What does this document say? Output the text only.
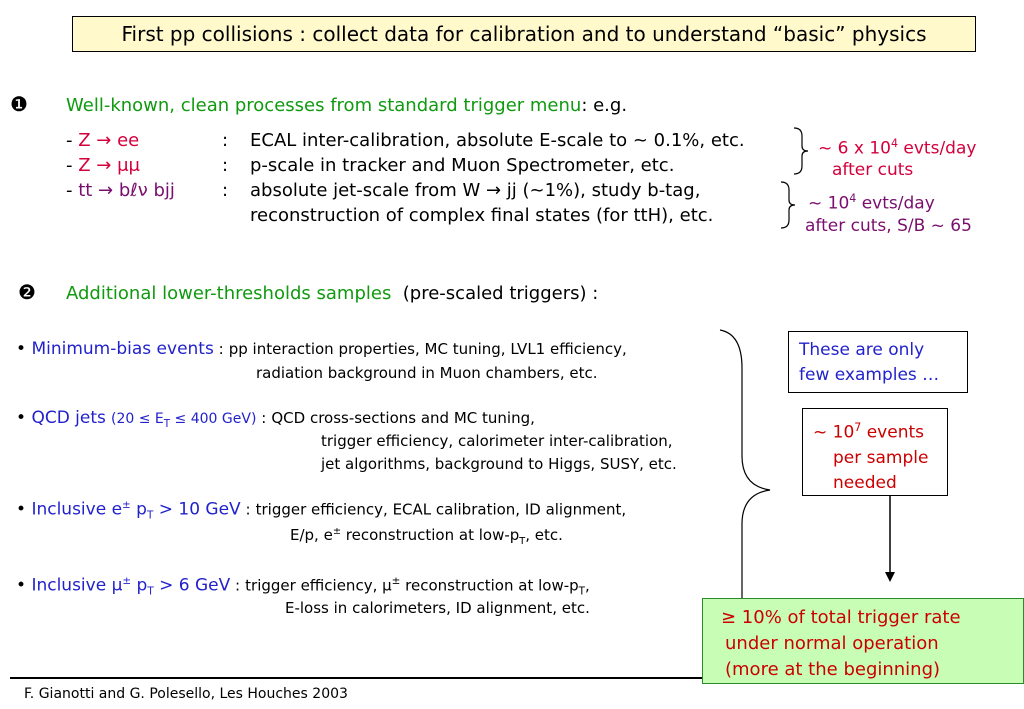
First pp collisions : collect data for calibration and to understand “basic” physics
❶ Well-known, clean processes from standard trigger menu: e.g.
- Z → ee	: ECAL inter-calibration, absolute E-scale to ~ 0.1%, etc.
- Z → μμ	: p-scale in tracker and Muon Spectrometer, etc.
- tt → bℓν bjj	: absolute jet-scale from W → jj (~1%), study b-tag,
reconstruction of complex final states (for ttH), etc.
~ 6 x $10^4$ evts/day
after cuts
~ $10^4$ evts/day
after cuts, S/B ~ 65
❷ Additional lower-thresholds samples (pre-scaled triggers) :
• Minimum-bias events : pp interaction properties, MC tuning, LVL1 efficiency,
radiation background in Muon chambers, etc.
• QCD jets ($20 \le E_T \le 400$ GeV) : QCD cross-sections and MC tuning,
trigger efficiency, calorimeter inter-calibration,
jet algorithms, background to Higgs, SUSY, etc.
• Inclusive e± $p_T > 10$ GeV : trigger efficiency, ECAL calibration, ID alignment,
E/p, e± reconstruction at low-$p_T$, etc.
• Inclusive μ± $p_T > 6$ GeV : trigger efficiency, μ± reconstruction at low-$p_T$,
E-loss in calorimeters, ID alignment, etc.
These are only
few examples …
~ $10^7$ events
per sample
needed
≥ 10% of total trigger rate
under normal operation
(more at the beginning)
F. Gianotti and G. Polesello, Les Houches 2003
